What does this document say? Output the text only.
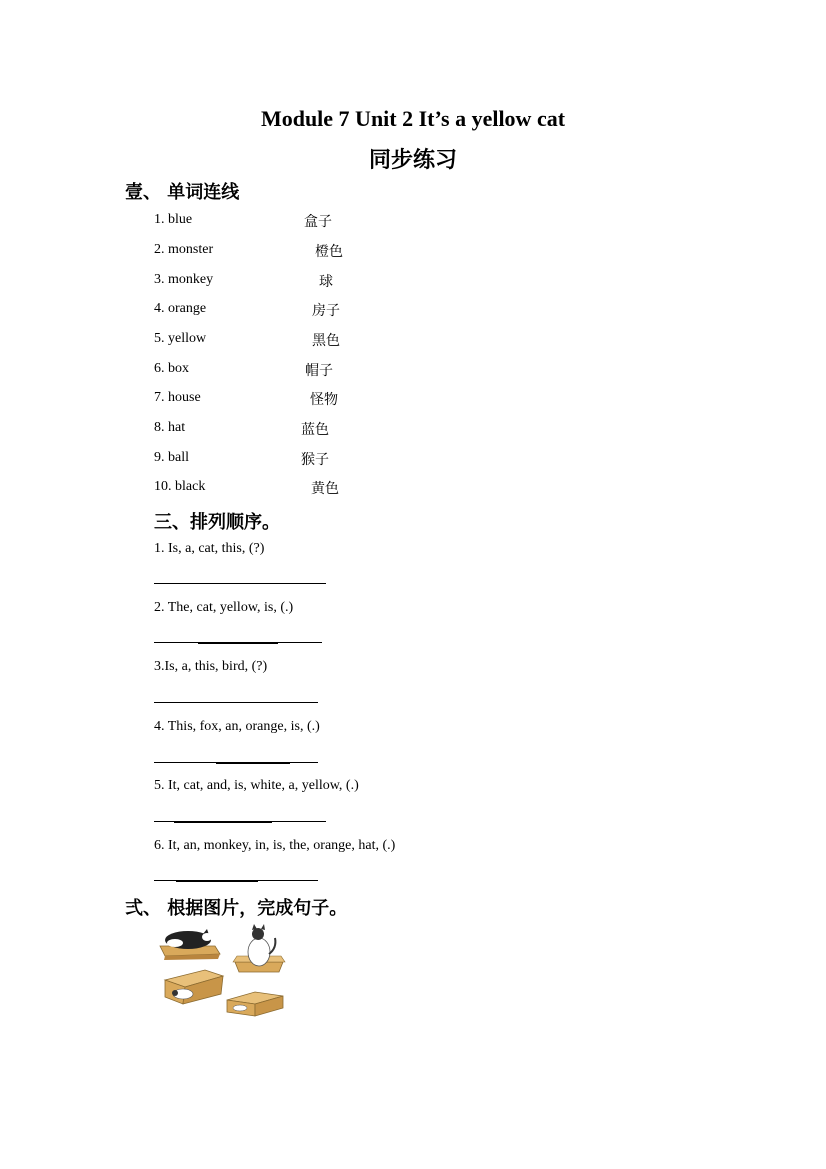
Module 7 Unit 2 It’s a yellow cat
同步练习
壹、 单词连线
1. blue	盒子
2. monster	橙色
3. monkey	球
4. orange	房子
5. yellow	黑色
6. box	帽子
7. house	怪物
8. hat	蓝色
9. ball	猴子
10. black	黄色
三、排列顺序。
1. Is, a, cat, this, (?)
2. The, cat, yellow, is, (.)
3.Is, a, this, bird, (?)
4. This, fox, an, orange, is, (.)
5. It, cat, and, is, white, a, yellow, (.)
6. It, an, monkey, in, is, the, orange, hat, (.)
弍、 根据图片，完成句子。
